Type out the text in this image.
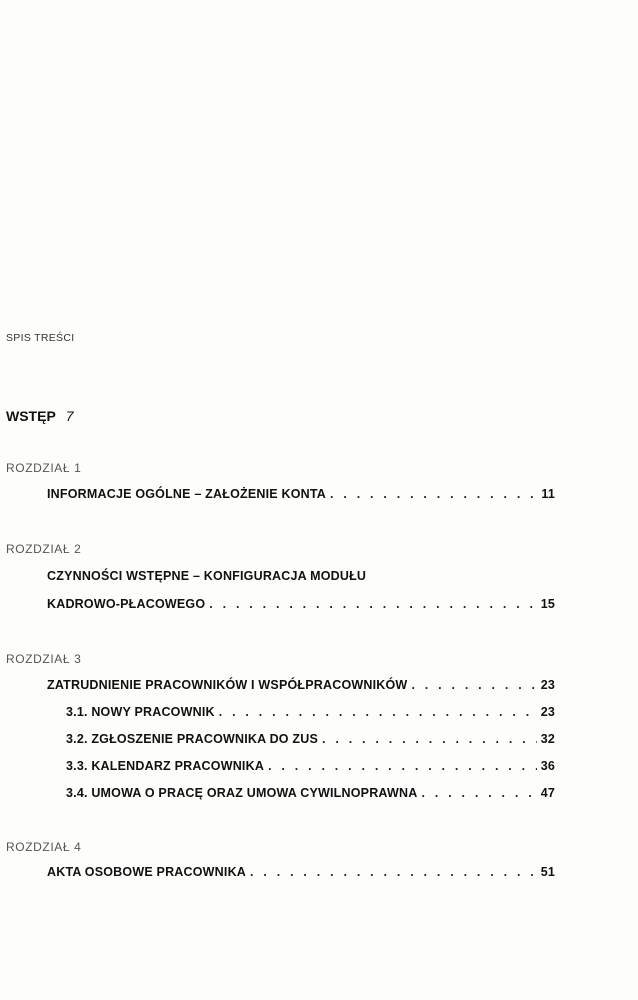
SPIS TREŚCI
WSTĘP 7
ROZDZIAŁ 1
INFORMACJE OGÓLNE – ZAŁOŻENIE KONTA . . .	11
ROZDZIAŁ 2
CZYNNOŚCI WSTĘPNE – KONFIGURACJA MODUŁU
KADROWO-PŁACOWEGO . . .	15
ROZDZIAŁ 3
ZATRUDNIENIE PRACOWNIKÓW I WSPÓŁPRACOWNIKÓW . . .	23
3.1. NOWY PRACOWNIK . . .	23
3.2. ZGŁOSZENIE PRACOWNIKA DO ZUS . . .	32
3.3. KALENDARZ PRACOWNIKA . . .	36
3.4. UMOWA O PRACĘ ORAZ UMOWA CYWILNOPRAWNA . . .	47
ROZDZIAŁ 4
AKTA OSOBOWE PRACOWNIKA . . .	51
